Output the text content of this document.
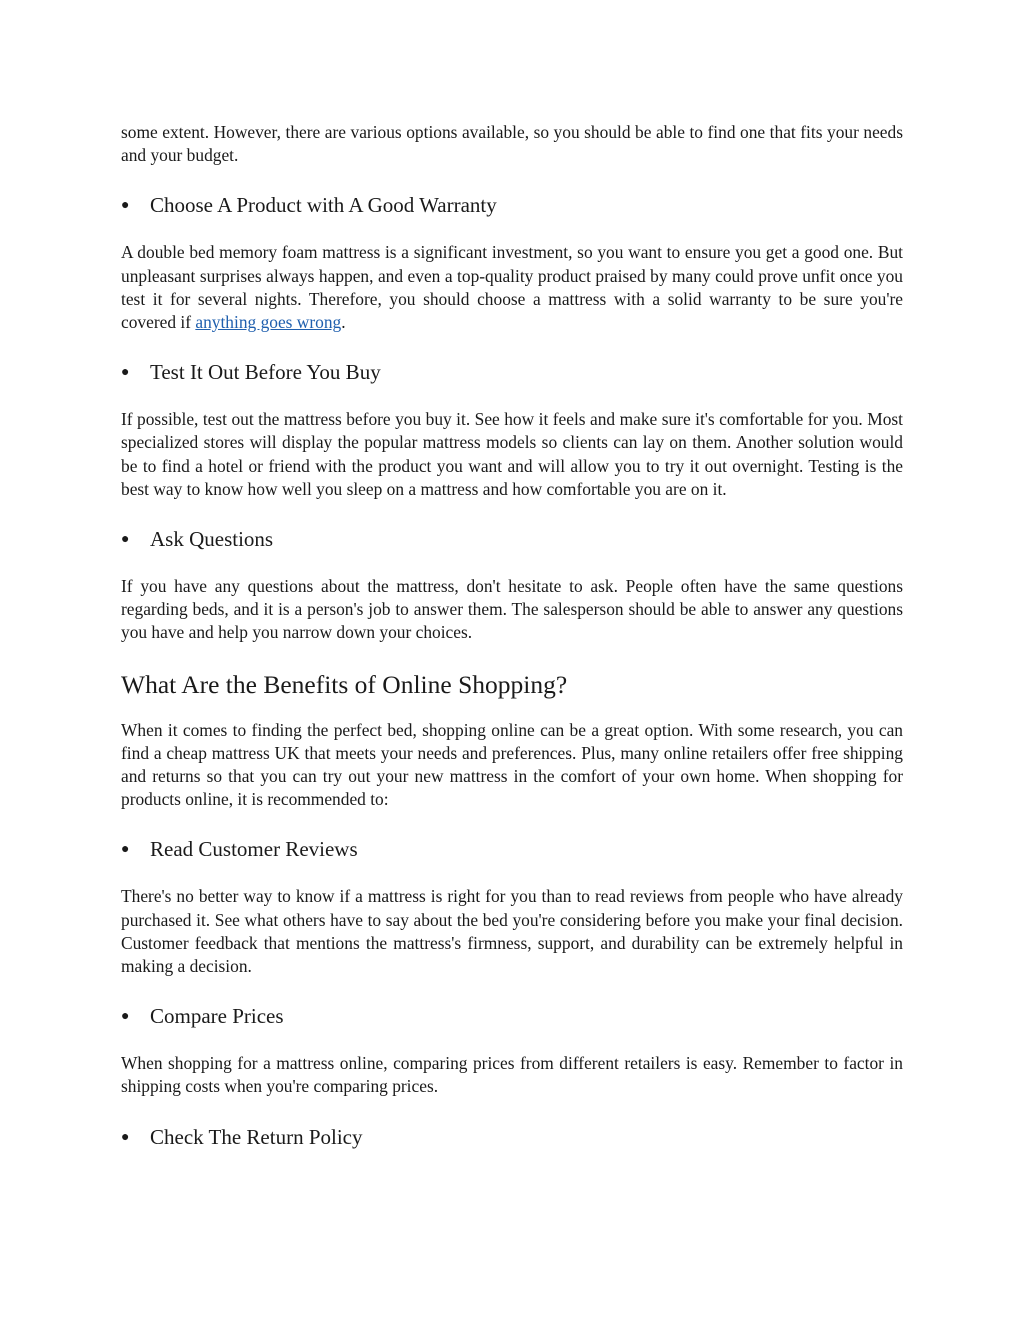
some extent. However, there are various options available, so you should be able to find one that fits your needs and your budget.

● Choose A Product with A Good Warranty

A double bed memory foam mattress is a significant investment, so you want to ensure you get a good one. But unpleasant surprises always happen, and even a top-quality product praised by many could prove unfit once you test it for several nights. Therefore, you should choose a mattress with a solid warranty to be sure you're covered if anything goes wrong.

● Test It Out Before You Buy

If possible, test out the mattress before you buy it. See how it feels and make sure it's comfortable for you. Most specialized stores will display the popular mattress models so clients can lay on them. Another solution would be to find a hotel or friend with the product you want and will allow you to try it out overnight. Testing is the best way to know how well you sleep on a mattress and how comfortable you are on it.

● Ask Questions

If you have any questions about the mattress, don't hesitate to ask. People often have the same questions regarding beds, and it is a person's job to answer them. The salesperson should be able to answer any questions you have and help you narrow down your choices.

What Are the Benefits of Online Shopping?

When it comes to finding the perfect bed, shopping online can be a great option. With some research, you can find a cheap mattress UK that meets your needs and preferences. Plus, many online retailers offer free shipping and returns so that you can try out your new mattress in the comfort of your own home. When shopping for products online, it is recommended to:

● Read Customer Reviews

There's no better way to know if a mattress is right for you than to read reviews from people who have already purchased it. See what others have to say about the bed you're considering before you make your final decision. Customer feedback that mentions the mattress's firmness, support, and durability can be extremely helpful in making a decision.

● Compare Prices

When shopping for a mattress online, comparing prices from different retailers is easy. Remember to factor in shipping costs when you're comparing prices.

● Check The Return Policy
